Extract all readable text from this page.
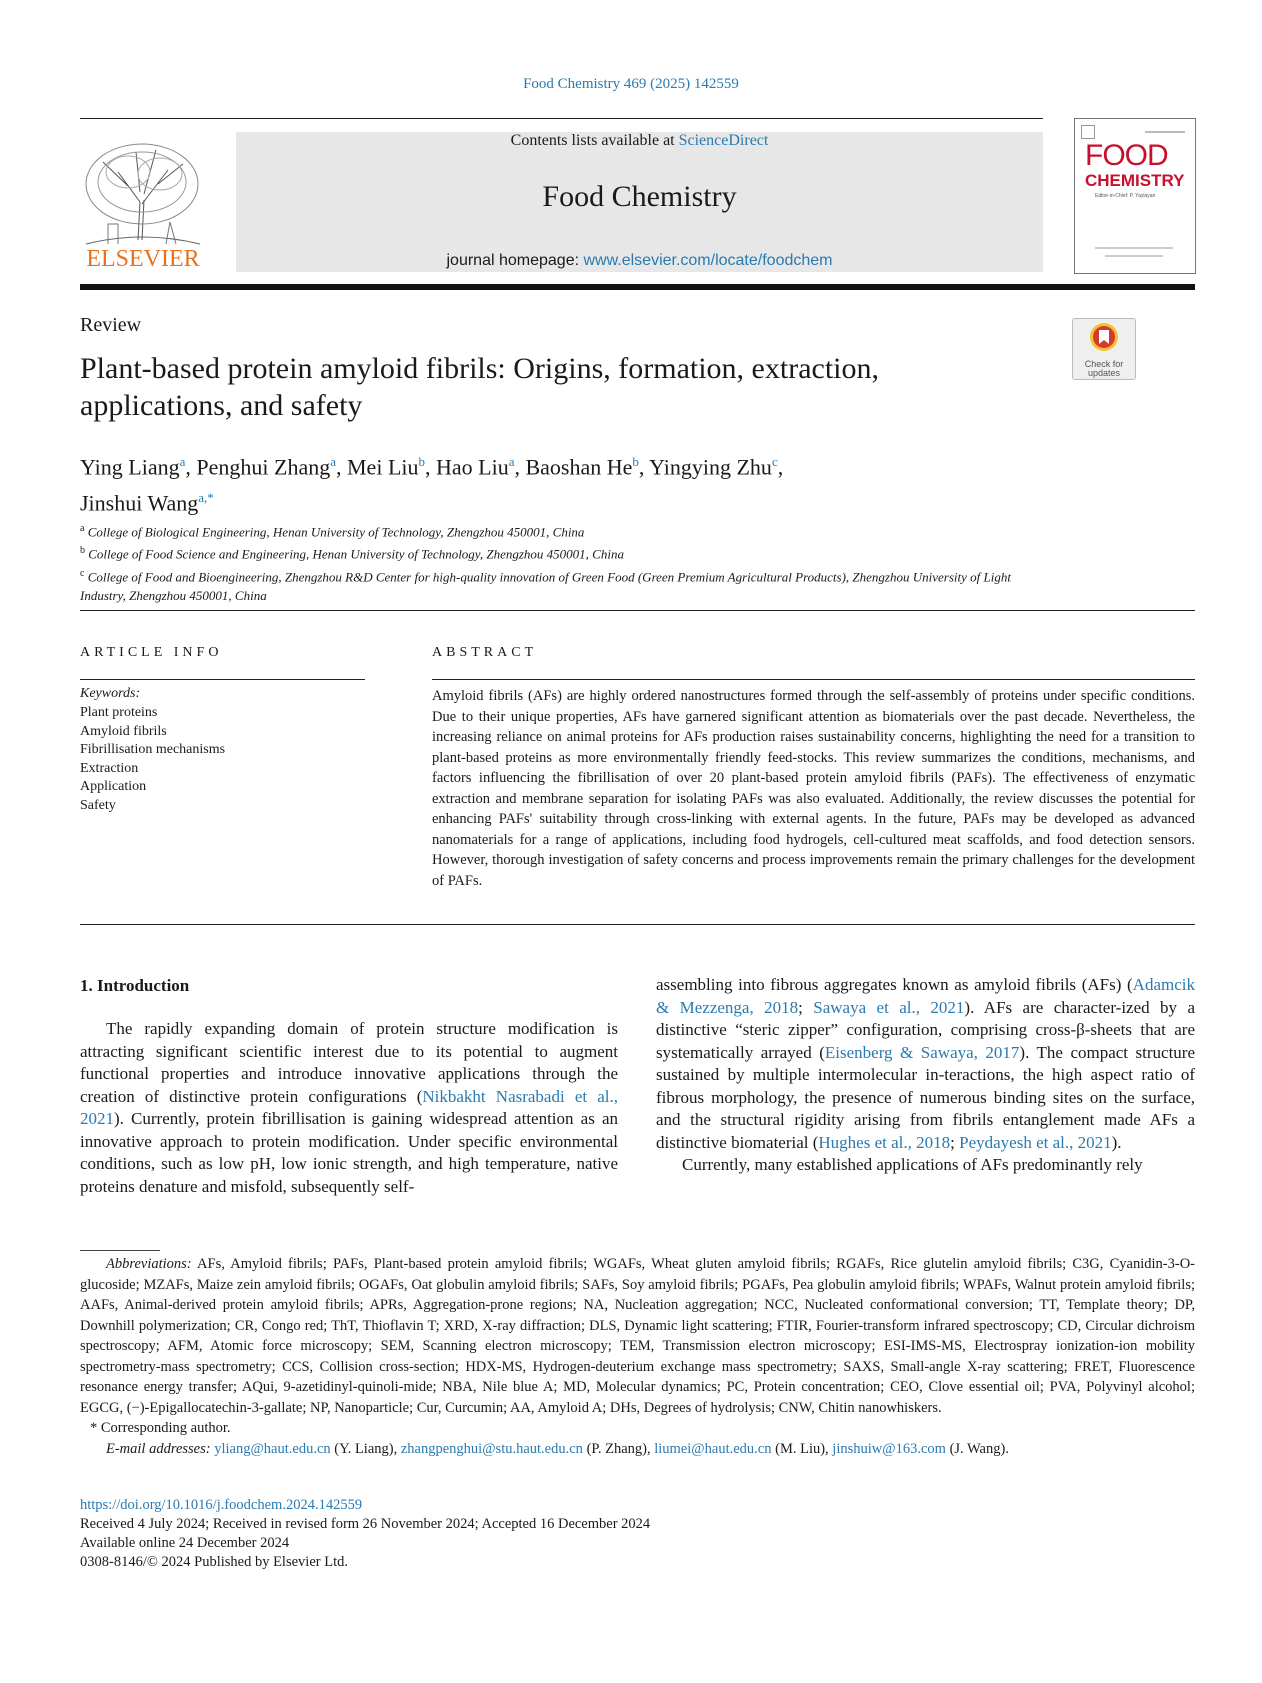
Food Chemistry 469 (2025) 142559
ELSEVIER
Contents lists available at ScienceDirect
Food Chemistry
journal homepage: www.elsevier.com/locate/foodchem
FOOD
CHEMISTRY
Editor-in-Chief: P. Yaylayan
Review
Plant-based protein amyloid fibrils: Origins, formation, extraction, applications, and safety
Check for updates
Ying Liang$^a$, Penghui Zhang$^a$, Mei Liu$^b$, Hao Liu$^a$, Baoshan He$^b$, Yingying Zhu$^c$,
Jinshui Wang$^{a,*}$
$^a$ College of Biological Engineering, Henan University of Technology, Zhengzhou 450001, China
$^b$ College of Food Science and Engineering, Henan University of Technology, Zhengzhou 450001, China
$^c$ College of Food and Bioengineering, Zhengzhou R&D Center for high-quality innovation of Green Food (Green Premium Agricultural Products), Zhengzhou University of Light Industry, Zhengzhou 450001, China
ARTICLE INFO	ABSTRACT
Keywords:
Plant proteins
Amyloid fibrils
Fibrillisation mechanisms
Extraction
Application
Safety
Amyloid fibrils (AFs) are highly ordered nanostructures formed through the self-assembly of proteins under specific conditions. Due to their unique properties, AFs have garnered significant attention as biomaterials over the past decade. Nevertheless, the increasing reliance on animal proteins for AFs production raises sustainability concerns, highlighting the need for a transition to plant-based proteins as more environmentally friendly feed-stocks. This review summarizes the conditions, mechanisms, and factors influencing the fibrillisation of over 20 plant-based protein amyloid fibrils (PAFs). The effectiveness of enzymatic extraction and membrane separation for isolating PAFs was also evaluated. Additionally, the review discusses the potential for enhancing PAFs' suitability through cross-linking with external agents. In the future, PAFs may be developed as advanced nanomaterials for a range of applications, including food hydrogels, cell-cultured meat scaffolds, and food detection sensors. However, thorough investigation of safety concerns and process improvements remain the primary challenges for the development of PAFs.
1. Introduction
The rapidly expanding domain of protein structure modification is attracting significant scientific interest due to its potential to augment functional properties and introduce innovative applications through the creation of distinctive protein configurations (Nikbakht Nasrabadi et al., 2021). Currently, protein fibrillisation is gaining widespread attention as an innovative approach to protein modification. Under specific environmental conditions, such as low pH, low ionic strength, and high temperature, native proteins denature and misfold, subsequently self-
assembling into fibrous aggregates known as amyloid fibrils (AFs) (Adamcik & Mezzenga, 2018; Sawaya et al., 2021). AFs are character-ized by a distinctive “steric zipper” configuration, comprising cross-β-sheets that are systematically arrayed (Eisenberg & Sawaya, 2017). The compact structure sustained by multiple intermolecular in-teractions, the high aspect ratio of fibrous morphology, the presence of numerous binding sites on the surface, and the structural rigidity arising from fibrils entanglement made AFs a distinctive biomaterial (Hughes et al., 2018; Peydayesh et al., 2021).
Currently, many established applications of AFs predominantly rely
Abbreviations: AFs, Amyloid fibrils; PAFs, Plant-based protein amyloid fibrils; WGAFs, Wheat gluten amyloid fibrils; RGAFs, Rice glutelin amyloid fibrils; C3G, Cyanidin-3-O-glucoside; MZAFs, Maize zein amyloid fibrils; OGAFs, Oat globulin amyloid fibrils; SAFs, Soy amyloid fibrils; PGAFs, Pea globulin amyloid fibrils; WPAFs, Walnut protein amyloid fibrils; AAFs, Animal-derived protein amyloid fibrils; APRs, Aggregation-prone regions; NA, Nucleation aggregation; NCC, Nucleated conformational conversion; TT, Template theory; DP, Downhill polymerization; CR, Congo red; ThT, Thioflavin T; XRD, X-ray diffraction; DLS, Dynamic light scattering; FTIR, Fourier-transform infrared spectroscopy; CD, Circular dichroism spectroscopy; AFM, Atomic force microscopy; SEM, Scanning electron microscopy; TEM, Transmission electron microscopy; ESI-IMS-MS, Electrospray ionization-ion mobility spectrometry-mass spectrometry; CCS, Collision cross-section; HDX-MS, Hydrogen-deuterium exchange mass spectrometry; SAXS, Small-angle X-ray scattering; FRET, Fluorescence resonance energy transfer; AQui, 9-azetidinyl-quinoli-mide; NBA, Nile blue A; MD, Molecular dynamics; PC, Protein concentration; CEO, Clove essential oil; PVA, Polyvinyl alcohol; EGCG, (−)-Epigallocatechin-3-gallate; NP, Nanoparticle; Cur, Curcumin; AA, Amyloid A; DHs, Degrees of hydrolysis; CNW, Chitin nanowhiskers.
* Corresponding author.
E-mail addresses: yliang@haut.edu.cn (Y. Liang), zhangpenghui@stu.haut.edu.cn (P. Zhang), liumei@haut.edu.cn (M. Liu), jinshuiw@163.com (J. Wang).
https://doi.org/10.1016/j.foodchem.2024.142559
Received 4 July 2024; Received in revised form 26 November 2024; Accepted 16 December 2024
Available online 24 December 2024
0308-8146/© 2024 Published by Elsevier Ltd.
